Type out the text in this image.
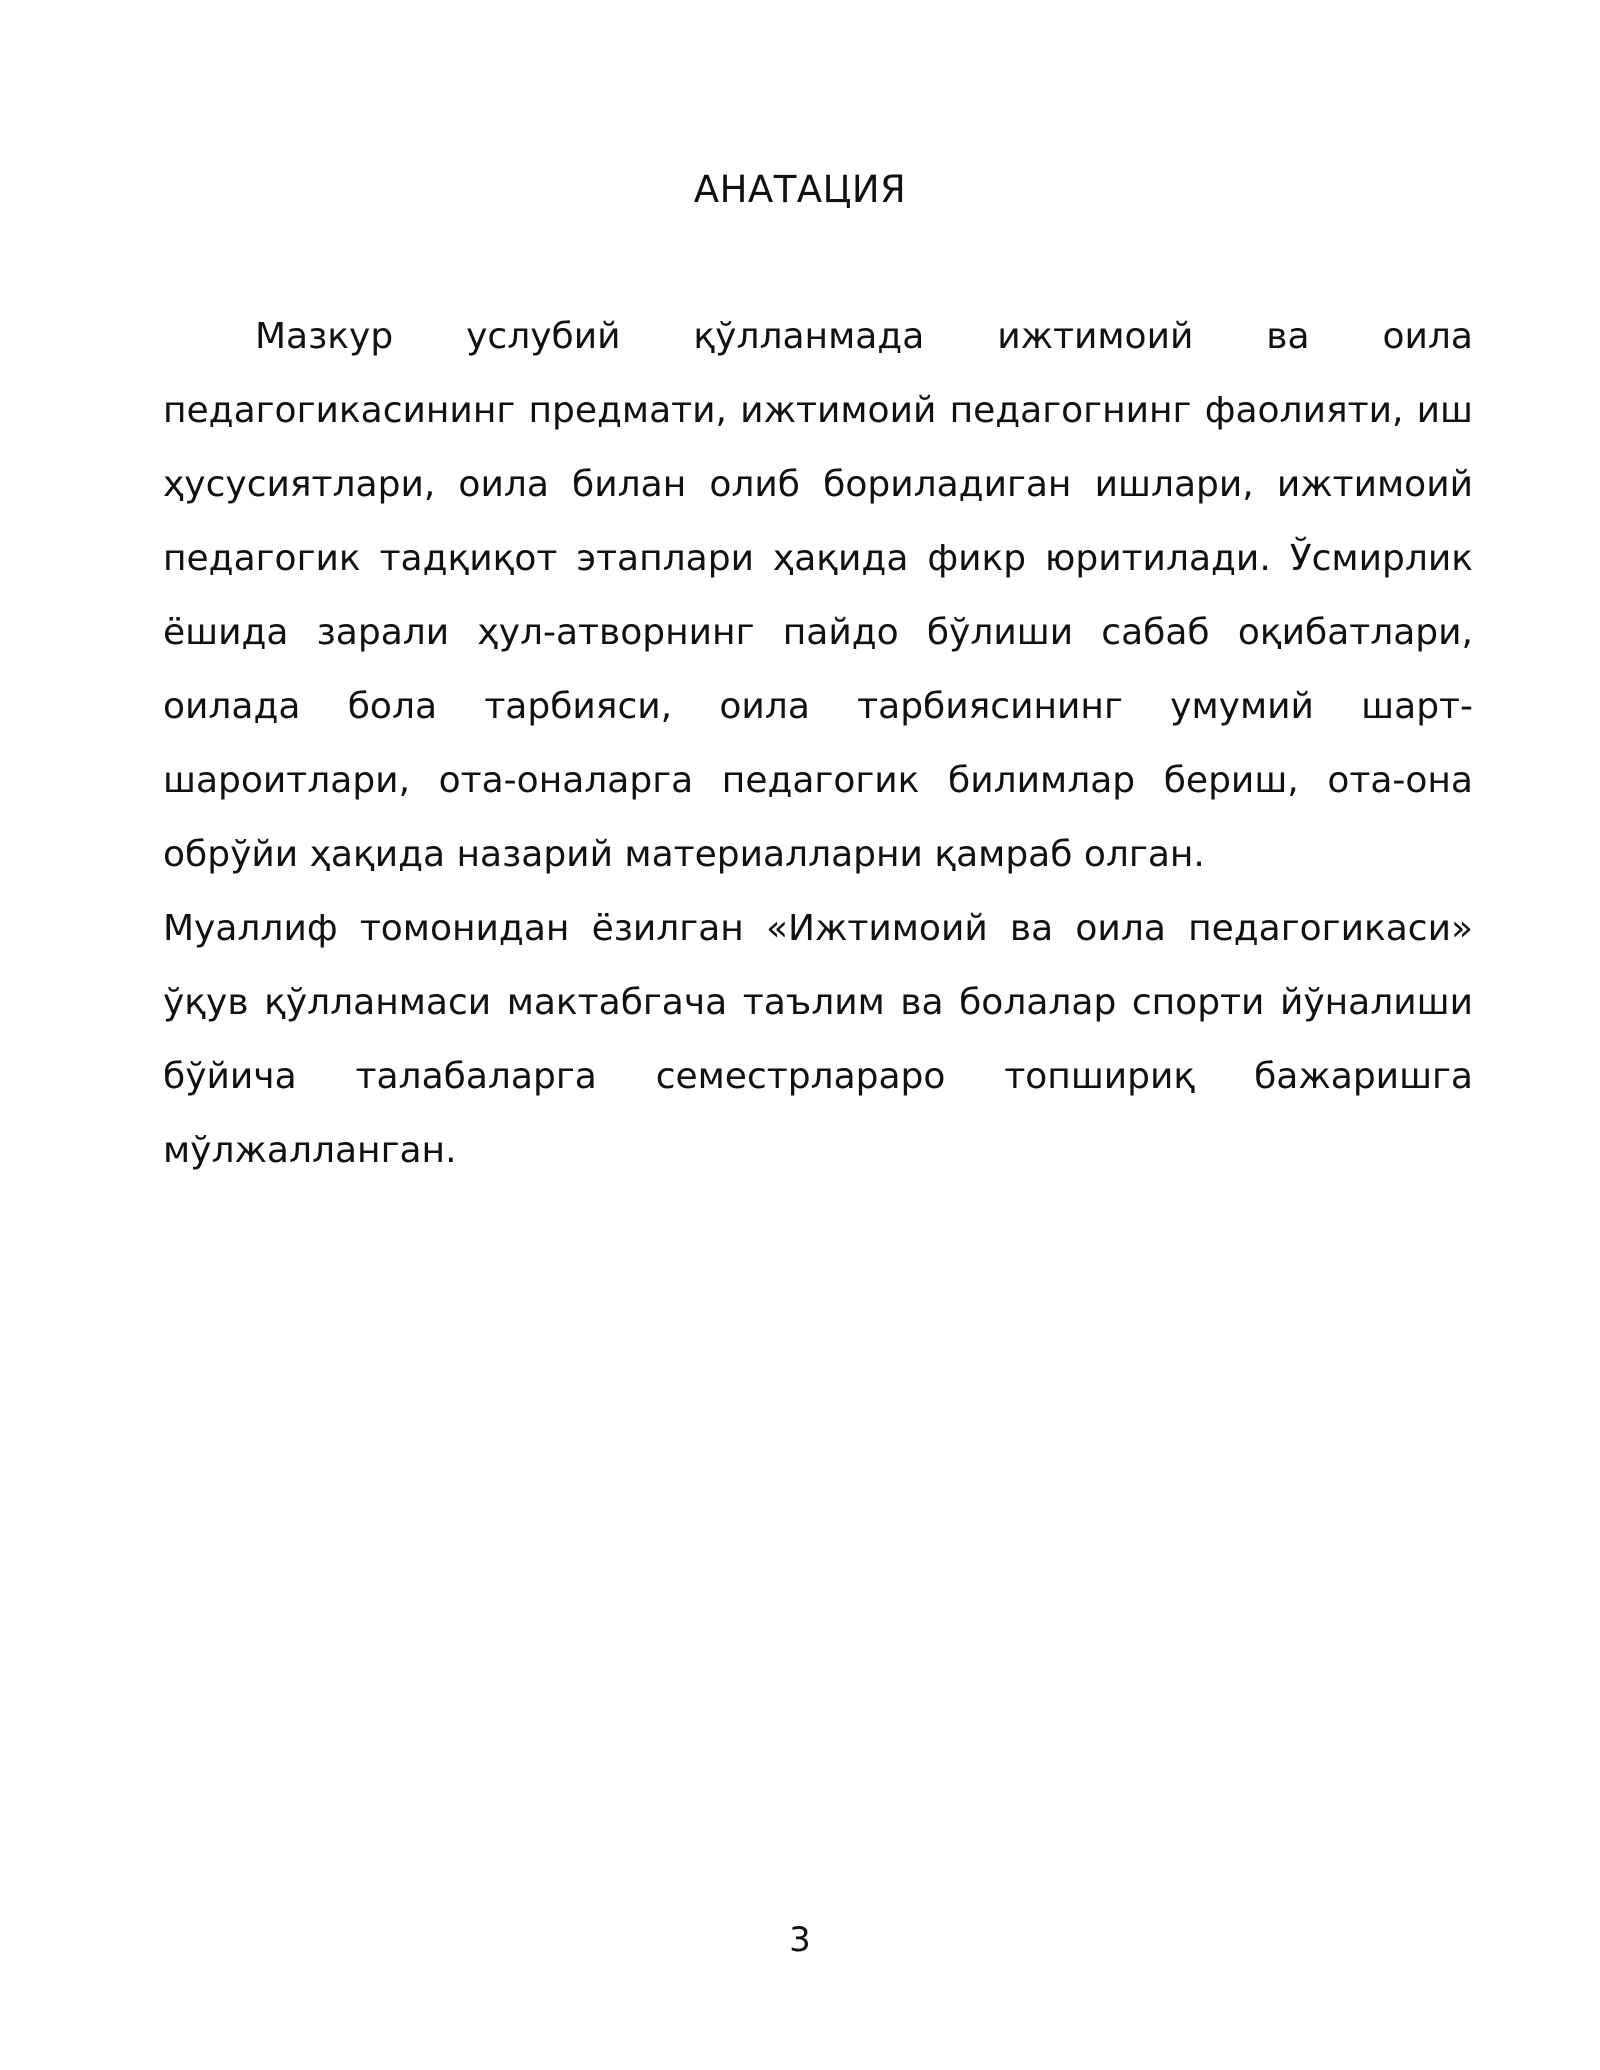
АНАТАЦИЯ

Мазкур услубий қўлланмада ижтимоий ва оила педагогикасининг предмати, ижтимоий педагогнинг фаолияти, иш ҳусусиятлари, оила билан олиб бориладиган ишлари, ижтимоий педагогик тадқиқот этаплари ҳақида фикр юритилади. Ўсмирлик ёшида зарали ҳул-атворнинг пайдо бўлиши сабаб оқибатлари, оилада бола тарбияси, оила тарбиясининг умумий шарт-шароитлари, ота-оналарга педагогик билимлар бериш, ота-она обрўйи ҳақида назарий материалларни қамраб олган.

Муаллиф томонидан ёзилган «Ижтимоий ва оила педагогикаси» ўқув қўлланмаси мактабгача таълим ва болалар спорти йўналиши бўйича талабаларга семестрлараро топшириқ бажаришга мўлжалланган.

3
